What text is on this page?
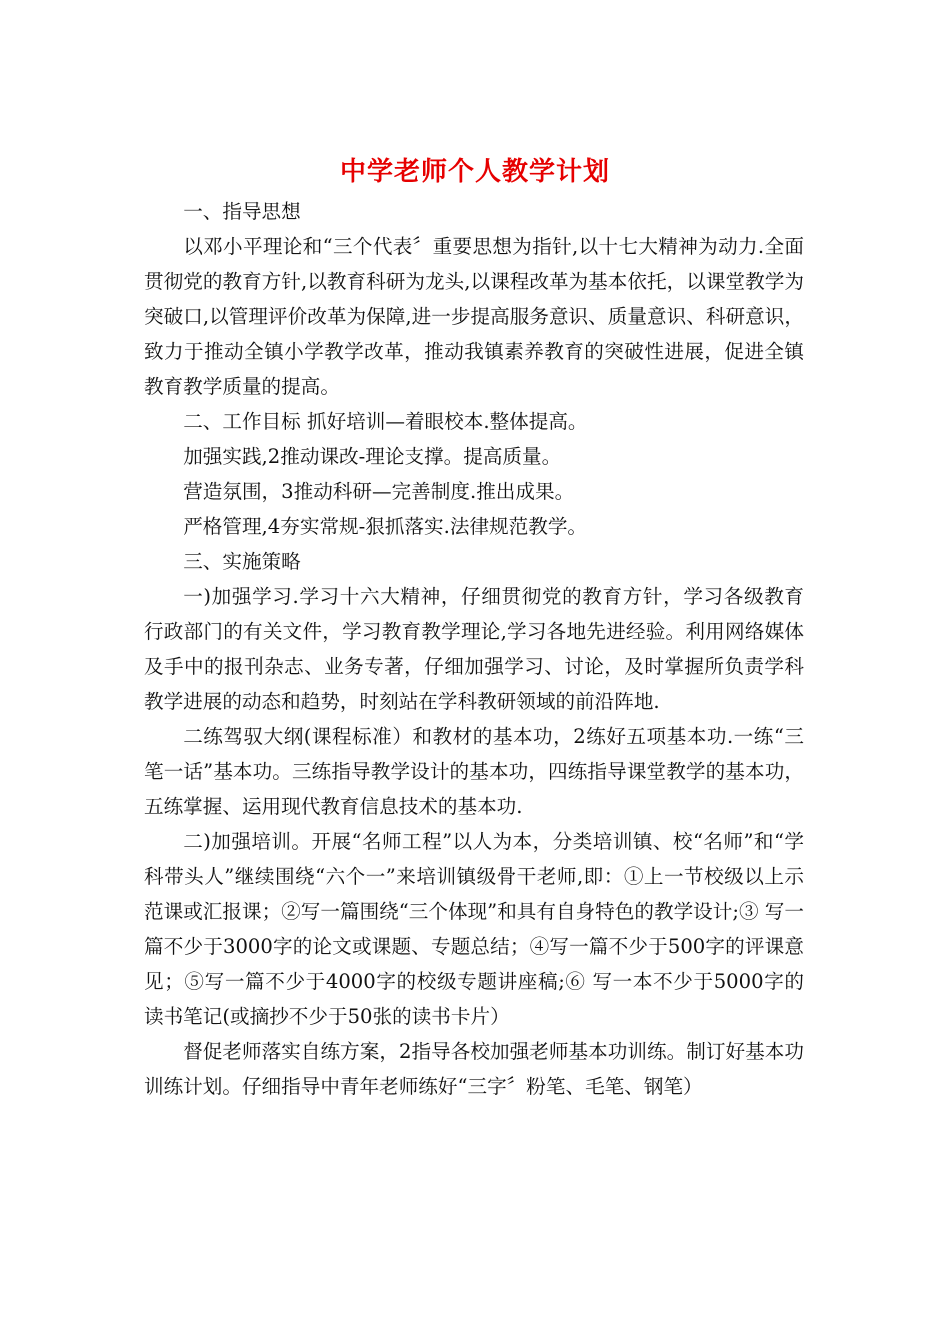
中学老师个人教学计划

一、指导思想

以邓小平理论和“三个代表〞重要思想为指针,以十七大精神为动力.全面贯彻党的教育方针,以教育科研为龙头,以课程改革为基本依托，以课堂教学为突破口,以管理评价改革为保障,进一步提高服务意识、质量意识、科研意识，致力于推动全镇小学教学改革，推动我镇素养教育的突破性进展，促进全镇教育教学质量的提高。

二、工作目标 抓好培训—着眼校本.整体提高。

加强实践,2推动课改-理论支撑。提高质量。

营造氛围，3推动科研—完善制度.推出成果。

严格管理,4夯实常规-狠抓落实.法律规范教学。

三、实施策略

一)加强学习.学习十六大精神，仔细贯彻党的教育方针，学习各级教育行政部门的有关文件，学习教育教学理论,学习各地先进经验。利用网络媒体及手中的报刊杂志、业务专著，仔细加强学习、讨论，及时掌握所负责学科教学进展的动态和趋势，时刻站在学科教研领域的前沿阵地.

二练驾驭大纲(课程标准）和教材的基本功，2练好五项基本功.一练“三笔一话”基本功。三练指导教学设计的基本功，四练指导课堂教学的基本功，五练掌握、运用现代教育信息技术的基本功.

二)加强培训。开展“名师工程”以人为本，分类培训镇、校“名师”和“学科带头人”继续围绕“六个一”来培训镇级骨干老师,即：①上一节校级以上示范课或汇报课；②写一篇围绕“三个体现”和具有自身特色的教学设计;③ 写一篇不少于3000字的论文或课题、专题总结；④写一篇不少于500字的评课意见；⑤写一篇不少于4000字的校级专题讲座稿;⑥ 写一本不少于5000字的读书笔记(或摘抄不少于50张的读书卡片）

督促老师落实自练方案，2指导各校加强老师基本功训练。制订好基本功训练计划。仔细指导中青年老师练好“三字〞粉笔、毛笔、钢笔）
